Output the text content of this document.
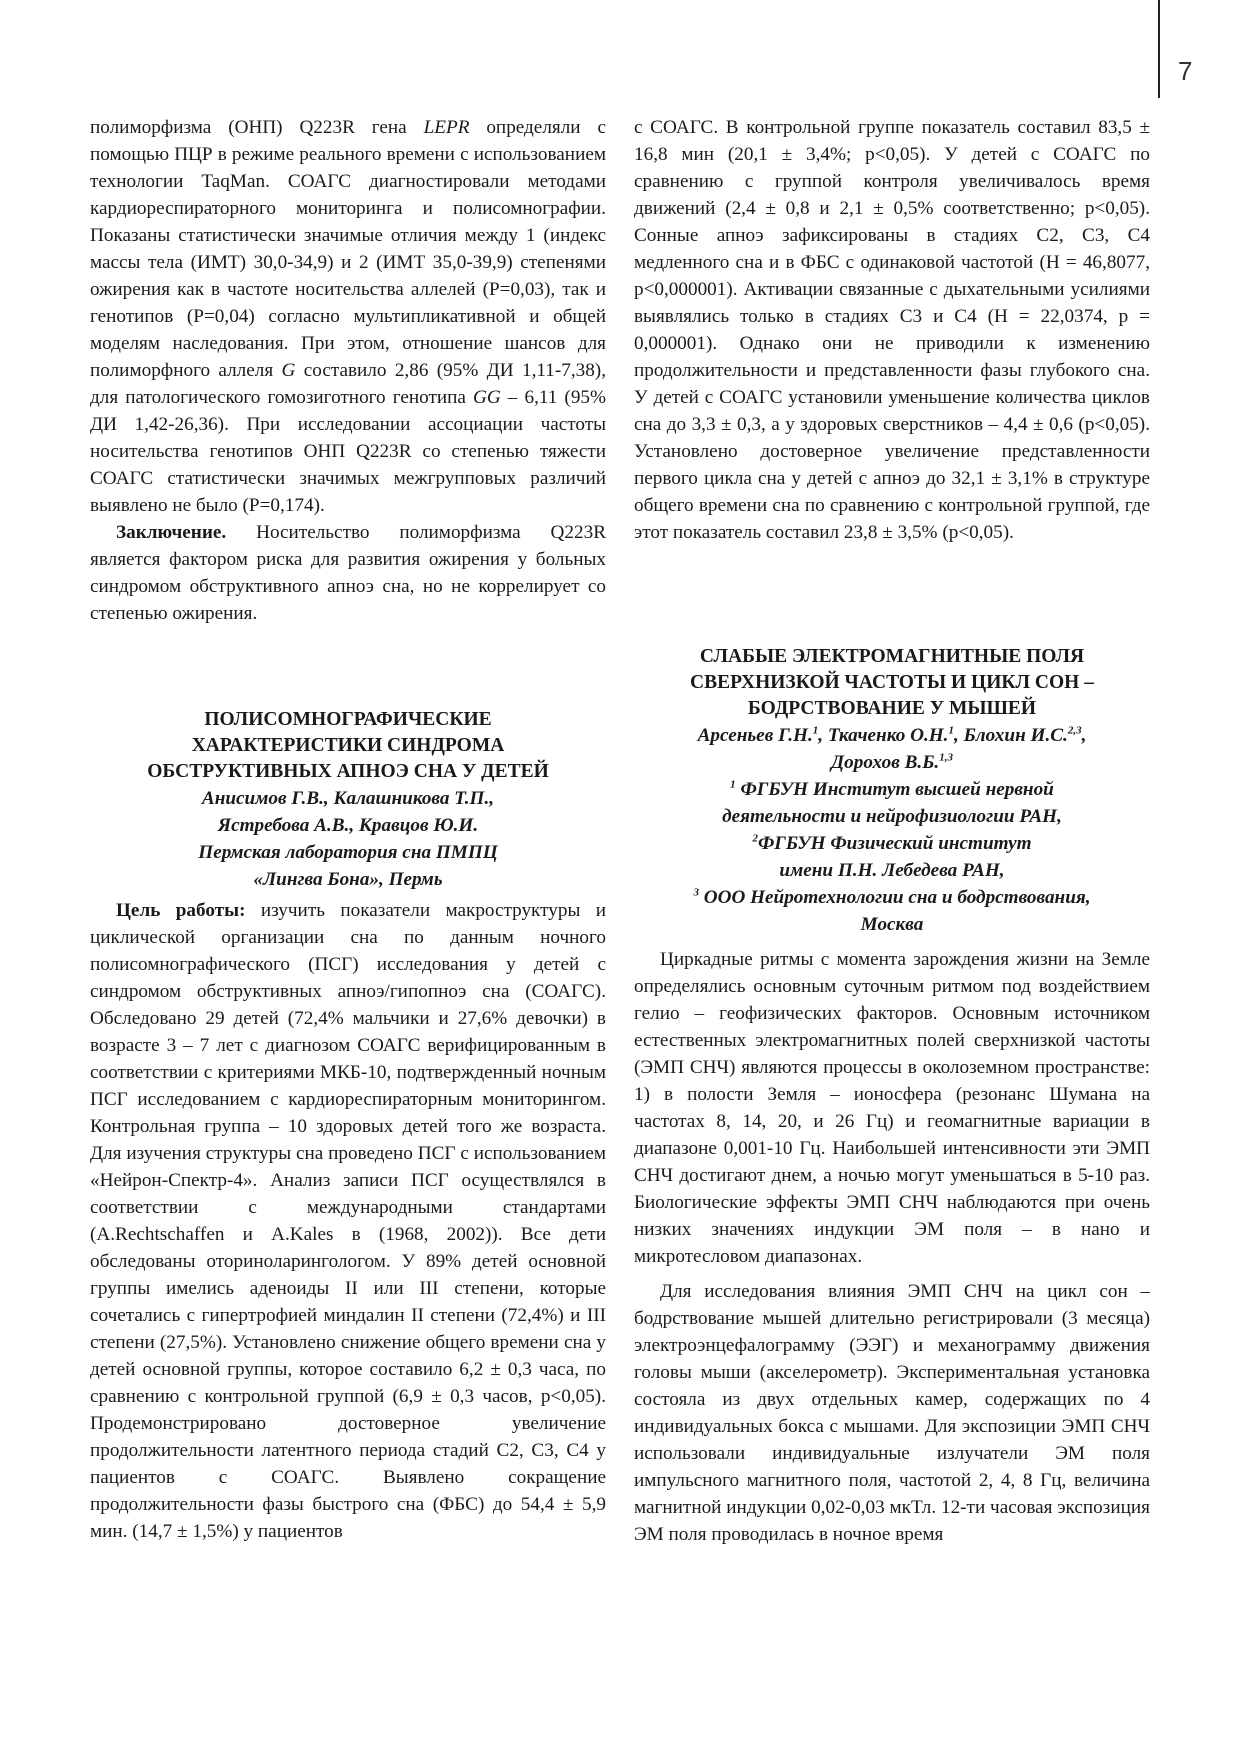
7

полиморфизма (ОНП) Q223R гена LEPR определяли с помощью ПЦР в режиме реального времени с использованием технологии TaqMan. СОАГС диагностировали методами кардиореспираторного мониторинга и полисомнографии. Показаны статистически значимые отличия между 1 (индекс массы тела (ИМТ) 30,0-34,9) и 2 (ИМТ 35,0-39,9) степенями ожирения как в частоте носительства аллелей (P=0,03), так и генотипов (P=0,04) согласно мультипликативной и общей моделям наследования. При этом, отношение шансов для полиморфного аллеля G составило 2,86 (95% ДИ 1,11-7,38), для патологического гомозиготного генотипа GG – 6,11 (95% ДИ 1,42-26,36). При исследовании ассоциации частоты носительства генотипов ОНП Q223R со степенью тяжести СОАГС статистически значимых межгрупповых различий выявлено не было (P=0,174).

Заключение. Носительство полиморфизма Q223R является фактором риска для развития ожирения у больных синдромом обструктивного апноэ сна, но не коррелирует со степенью ожирения.

ПОЛИСОМНОГРАФИЧЕСКИЕ
ХАРАКТЕРИСТИКИ СИНДРОМА
ОБСТРУКТИВНЫХ АПНОЭ СНА У ДЕТЕЙ

Анисимов Г.В., Калашникова Т.П.,
Ястребова А.В., Кравцов Ю.И.

Пермская лаборатория сна ПМПЦ
«Лингва Бона», Пермь

Цель работы: изучить показатели макроструктуры и циклической организации сна по данным ночного полисомнографического (ПСГ) исследования у детей с синдромом обструктивных апноэ/гипопноэ сна (СОАГС). Обследовано 29 детей (72,4% мальчики и 27,6% девочки) в возрасте 3 – 7 лет с диагнозом СОАГС верифицированным в соответствии с критериями МКБ-10, подтвержденный ночным ПСГ исследованием с кардиореспираторным мониторингом. Контрольная группа – 10 здоровых детей того же возраста. Для изучения структуры сна проведено ПСГ с использованием «Нейрон-Спектр-4». Анализ записи ПСГ осуществлялся в соответствии с международными стандартами (A.Rechtschaffen и A.Kales в (1968, 2002)). Все дети обследованы оториноларингологом. У 89% детей основной группы имелись аденоиды II или III степени, которые сочетались с гипертрофией миндалин II степени (72,4%) и III степени (27,5%). Установлено снижение общего времени сна у детей основной группы, которое составило 6,2 ± 0,3 часа, по сравнению с контрольной группой (6,9 ± 0,3 часов, p<0,05). Продемонстрировано достоверное увеличение продолжительности латентного периода стадий С2, С3, С4 у пациентов с СОАГС. Выявлено сокращение продолжительности фазы быстрого сна (ФБС) до 54,4 ± 5,9 мин. (14,7 ± 1,5%) у пациентов

с СОАГС. В контрольной группе показатель составил 83,5 ± 16,8 мин (20,1 ± 3,4%; p<0,05). У детей с СОАГС по сравнению с группой контроля увеличивалось время движений (2,4 ± 0,8 и 2,1 ± 0,5% соответственно; p<0,05). Сонные апноэ зафиксированы в стадиях С2, С3, С4 медленного сна и в ФБС с одинаковой частотой (H = 46,8077, p<0,000001). Активации связанные с дыхательными усилиями выявлялись только в стадиях С3 и С4 (H = 22,0374, p = 0,000001). Однако они не приводили к изменению продолжительности и представленности фазы глубокого сна. У детей с СОАГС установили уменьшение количества циклов сна до 3,3 ± 0,3, а у здоровых сверстников – 4,4 ± 0,6 (p<0,05). Установлено достоверное увеличение представленности первого цикла сна у детей с апноэ до 32,1 ± 3,1% в структуре общего времени сна по сравнению с контрольной группой, где этот показатель составил 23,8 ± 3,5% (p<0,05).

СЛАБЫЕ ЭЛЕКТРОМАГНИТНЫЕ ПОЛЯ
СВЕРХНИЗКОЙ ЧАСТОТЫ И ЦИКЛ СОН –
БОДРСТВОВАНИЕ У МЫШЕЙ

Арсеньев Г.Н.$^1$, Ткаченко О.Н.$^1$, Блохин И.С.$^{2,3}$,
Дорохов В.Б.$^{1,3}$

$^1$ ФГБУН Институт высшей нервной
деятельности и нейрофизиологии РАН,
$^2$ФГБУН Физический институт
имени П.Н. Лебедева РАН,
$^3$ ООО Нейротехнологии сна и бодрствования,
Москва

Циркадные ритмы с момента зарождения жизни на Земле определялись основным суточным ритмом под воздействием гелио – геофизических факторов. Основным источником естественных электромагнитных полей сверхнизкой частоты (ЭМП СНЧ) являются процессы в околоземном пространстве: 1) в полости Земля – ионосфера (резонанс Шумана на частотах 8, 14, 20, и 26 Гц) и геомагнитные вариации в диапазоне 0,001-10 Гц. Наибольшей интенсивности эти ЭМП СНЧ достигают днем, а ночью могут уменьшаться в 5-10 раз. Биологические эффекты ЭМП СНЧ наблюдаются при очень низких значениях индукции ЭМ поля – в нано и микротесловом диапазонах.

Для исследования влияния ЭМП СНЧ на цикл сон – бодрствование мышей длительно регистрировали (3 месяца) электроэнцефалограмму (ЭЭГ) и механограмму движения головы мыши (акселерометр). Экспериментальная установка состояла из двух отдельных камер, содержащих по 4 индивидуальных бокса с мышами. Для экспозиции ЭМП СНЧ использовали индивидуальные излучатели ЭМ поля импульсного магнитного поля, частотой 2, 4, 8 Гц, величина магнитной индукции 0,02-0,03 мкТл. 12-ти часовая экспозиция ЭМ поля проводилась в ночное время
